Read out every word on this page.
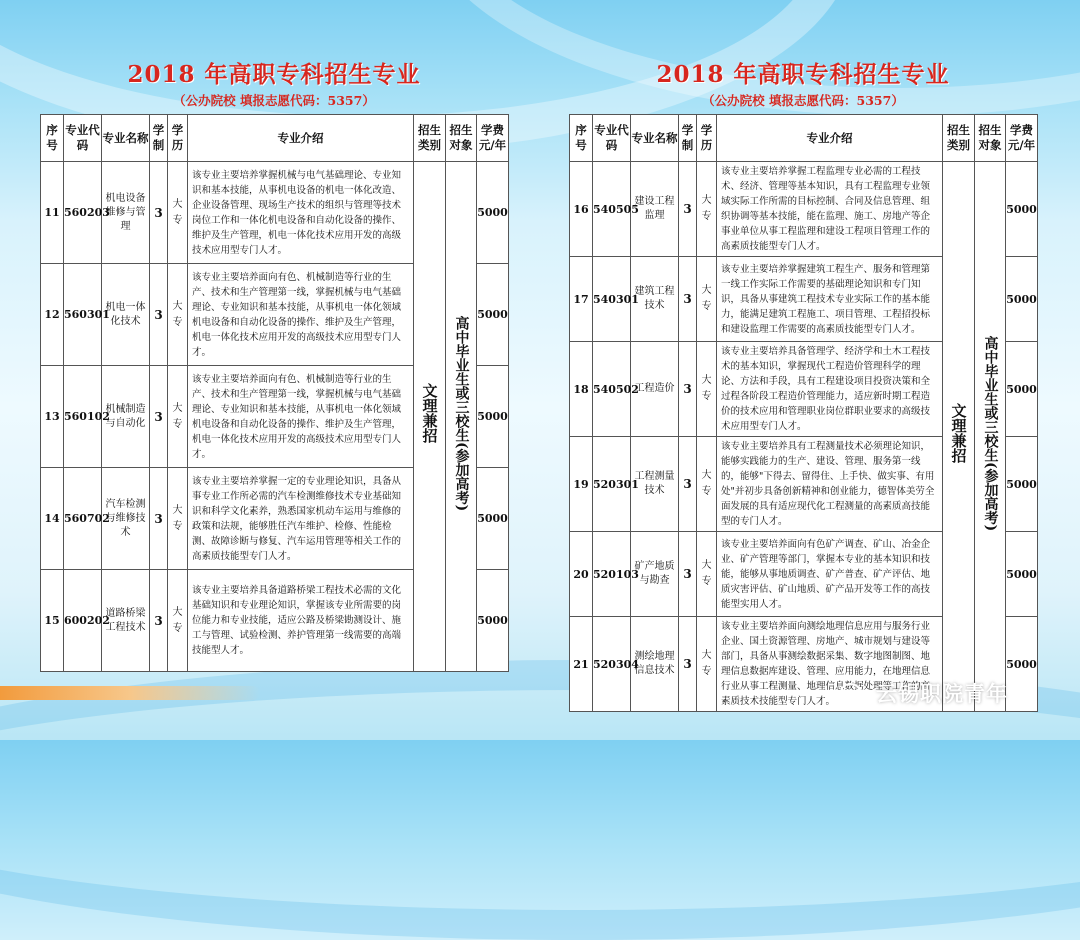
2018 年高职专科招生专业
（公办院校 填报志愿代码：5357）
序号	专业代码	专业名称	学制	学历	专业介绍	招生类别	招生对象	学费元/年
11	560203	机电设备维修与管理	3	大专	该专业主要培养掌握机械与电气基础理论、专业知识和基本技能，从事机电设备的机电一体化改造、企业设备管理、现场生产技术的组织与管理等技术岗位工作和一体化机电设备和自动化设备的操作、维护及生产管理，机电一体化技术应用开发的高级技术应用型专门人才。	文理兼招	高中毕业生或三校生(参加高考)	5000
12	560301	机电一体化技术	3	大专	该专业主要培养面向有色、机械制造等行业的生产、技术和生产管理第一线，掌握机械与电气基础理论、专业知识和基本技能，从事机电一体化领域机电设备和自动化设备的操作、维护及生产管理，机电一体化技术应用开发的高级技术应用型专门人才。			5000
13	560102	机械制造与自动化	3	大专	该专业主要培养面向有色、机械制造等行业的生产、技术和生产管理第一线，掌握机械与电气基础理论、专业知识和基本技能，从事机电一体化领域机电设备和自动化设备的操作、维护及生产管理，机电一体化技术应用开发的高级技术应用型专门人才。			5000
14	560702	汽车检测与维修技术	3	大专	该专业主要培养掌握一定的专业理论知识，具备从事专业工作所必需的汽车检测维修技术专业基础知识和科学文化素养，熟悉国家机动车运用与维修的政策和法规，能够胜任汽车维护、检修、性能检测、故障诊断与修复、汽车运用管理等相关工作的高素质技能型专门人才。			5000
15	600202	道路桥梁工程技术	3	大专	该专业主要培养具备道路桥梁工程技术必需的文化基础知识和专业理论知识，掌握该专业所需要的岗位能力和专业技能，适应公路及桥梁勘测设计、施工与管理、试验检测、养护管理第一线需要的高端技能型人才。			5000
2018 年高职专科招生专业
（公办院校 填报志愿代码：5357）
序号	专业代码	专业名称	学制	学历	专业介绍	招生类别	招生对象	学费元/年
16	540505	建设工程监理	3	大专	该专业主要培养掌握工程监理专业必需的工程技术、经济、管理等基本知识，具有工程监理专业领域实际工作所需的目标控制、合同及信息管理、组织协调等基本技能，能在监理、施工、房地产等企事业单位从事工程监理和建设工程项目管理工作的高素质技能型专门人才。	文理兼招	高中毕业生或三校生(参加高考)	5000
17	540301	建筑工程技术	3	大专	该专业主要培养掌握建筑工程生产、服务和管理第一线工作实际工作需要的基础理论知识和专门知识，具备从事建筑工程技术专业实际工作的基本能力，能满足建筑工程施工、项目管理、工程招投标和建设监理工作需要的高素质技能型专门人才。			5000
18	540502	工程造价	3	大专	该专业主要培养具备管理学、经济学和土木工程技术的基本知识，掌握现代工程造价管理科学的理论、方法和手段，具有工程建设项目投资决策和全过程各阶段工程造价管理能力，适应新时期工程造价的技术应用和管理职业岗位群职业要求的高级技术应用型专门人才。			5000
19	520301	工程测量技术	3	大专	该专业主要培养具有工程测量技术必须理论知识，能够实践能力的生产、建设、管理、服务第一线的，能够"下得去、留得住、上手快、做实事、有用处"并初步具备创新精神和创业能力，德智体美劳全面发展的具有适应现代化工程测量的高素质高技能型的专门人才。			5000
20	520103	矿产地质与勘查	3	大专	该专业主要培养面向有色矿产调查、矿山、冶金企业、矿产管理等部门，掌握本专业的基本知识和技能，能够从事地质调查、矿产普查、矿产评估、地质灾害评估、矿山地质、矿产品开发等工作的高技能型实用人才。			5000
21	520304	测绘地理信息技术	3	大专	该专业主要培养面向测绘地理信息应用与服务行业企业、国土资源管理、房地产、城市规划与建设等部门，具备从事测绘数据采集、数字地图制图、地理信息数据库建设、管理、应用能力，在地理信息行业从事工程测量、地理信息数据处理等工作的高素质技术技能型专门人才。			5000
云锡职院青年
